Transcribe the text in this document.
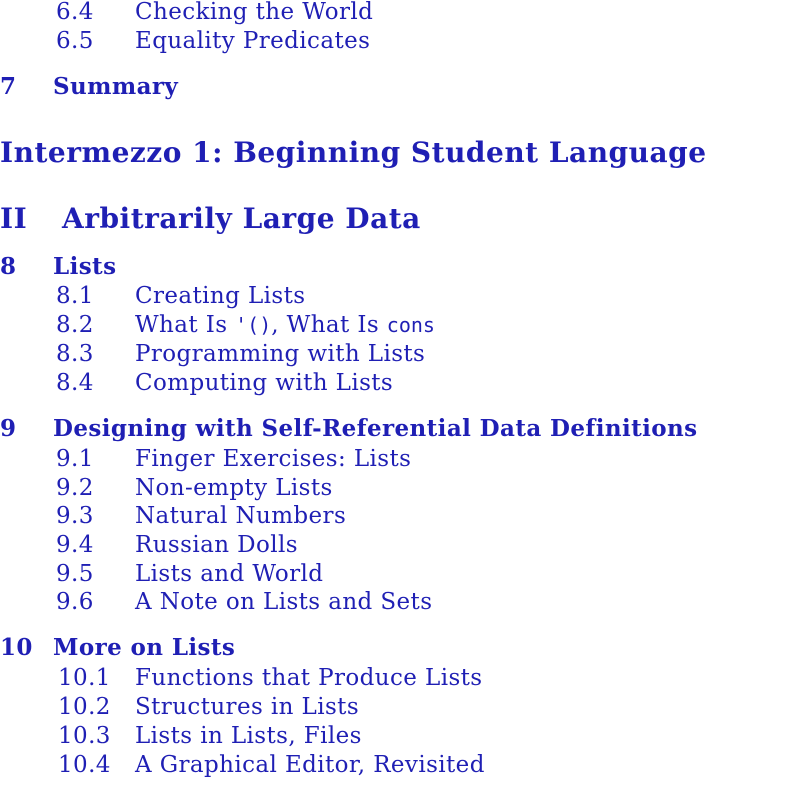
6.4 Checking the World
6.5 Equality Predicates
7 Summary
Intermezzo 1: Beginning Student Language
II Arbitrarily Large Data
8 Lists
8.1 Creating Lists
8.2 What Is '(), What Is cons
8.3 Programming with Lists
8.4 Computing with Lists
9 Designing with Self-Referential Data Definitions
9.1 Finger Exercises: Lists
9.2 Non-empty Lists
9.3 Natural Numbers
9.4 Russian Dolls
9.5 Lists and World
9.6 A Note on Lists and Sets
10 More on Lists
10.1 Functions that Produce Lists
10.2 Structures in Lists
10.3 Lists in Lists, Files
10.4 A Graphical Editor, Revisited
